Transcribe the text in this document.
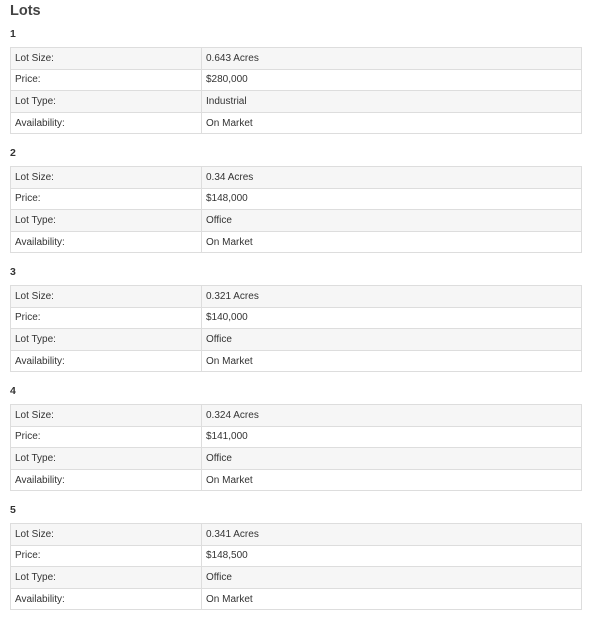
Lots
1
Lot Size:	0.643 Acres
Price:	$280,000
Lot Type:	Industrial
Availability:	On Market
2
Lot Size:	0.34 Acres
Price:	$148,000
Lot Type:	Office
Availability:	On Market
3
Lot Size:	0.321 Acres
Price:	$140,000
Lot Type:	Office
Availability:	On Market
4
Lot Size:	0.324 Acres
Price:	$141,000
Lot Type:	Office
Availability:	On Market
5
Lot Size:	0.341 Acres
Price:	$148,500
Lot Type:	Office
Availability:	On Market
